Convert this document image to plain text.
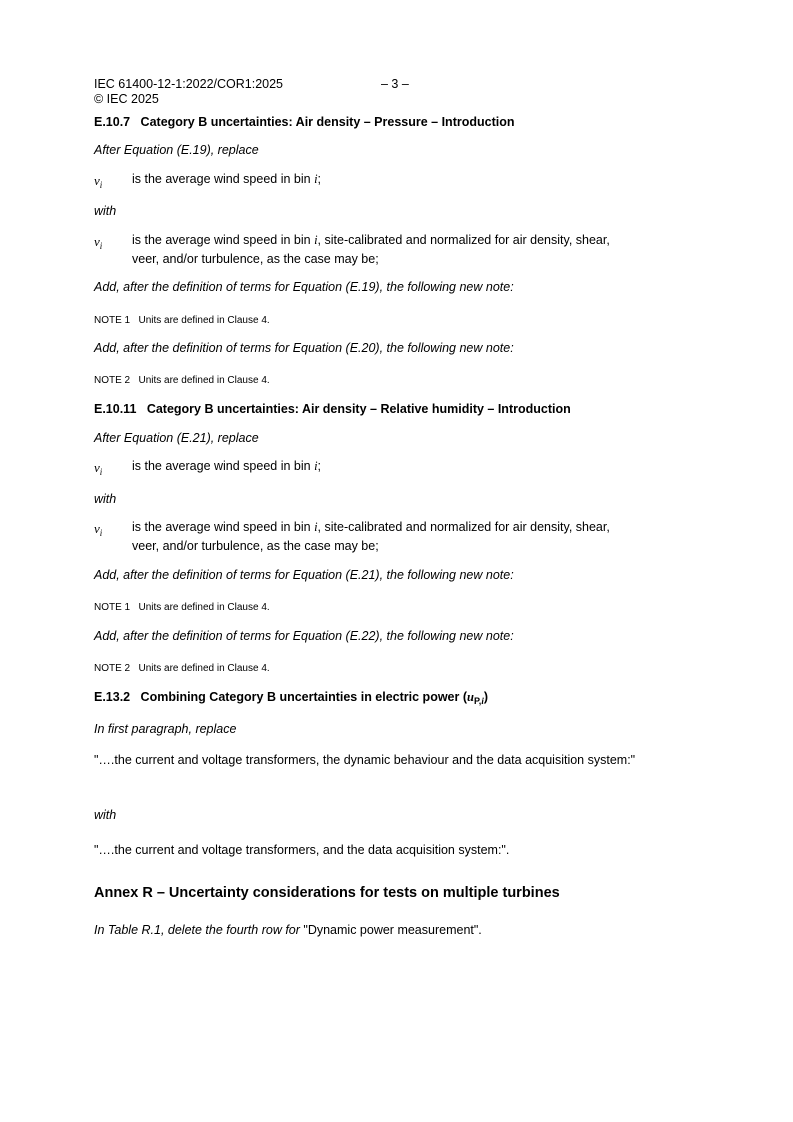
IEC 61400-12-1:2022/COR1:2025	– 3 –

© IEC 2025

E.10.7   Category B uncertainties: Air density – Pressure – Introduction

After Equation (E.19), replace

$v_i$ is the average wind speed in bin i;

with

$v_i$ is the average wind speed in bin i, site-calibrated and normalized for air density, shear,

veer, and/or turbulence, as the case may be;

Add, after the definition of terms for Equation (E.19), the following new note:

NOTE 1 Units are defined in Clause 4.

Add, after the definition of terms for Equation (E.20), the following new note:

NOTE 2 Units are defined in Clause 4.

E.10.11   Category B uncertainties: Air density – Relative humidity – Introduction

After Equation (E.21), replace

$v_i$ is the average wind speed in bin i;

with

$v_i$ is the average wind speed in bin i, site-calibrated and normalized for air density, shear,

veer, and/or turbulence, as the case may be;

Add, after the definition of terms for Equation (E.21), the following new note:

NOTE 1 Units are defined in Clause 4.

Add, after the definition of terms for Equation (E.22), the following new note:

NOTE 2 Units are defined in Clause 4.

E.13.2   Combining Category B uncertainties in electric power $(u_{P,i})$

In first paragraph, replace

"….the current and voltage transformers, the dynamic behaviour and the data acquisition system:"

with

"….the current and voltage transformers, and the data acquisition system:".

Annex R – Uncertainty considerations for tests on multiple turbines

In Table R.1, delete the fourth row for "Dynamic power measurement".
